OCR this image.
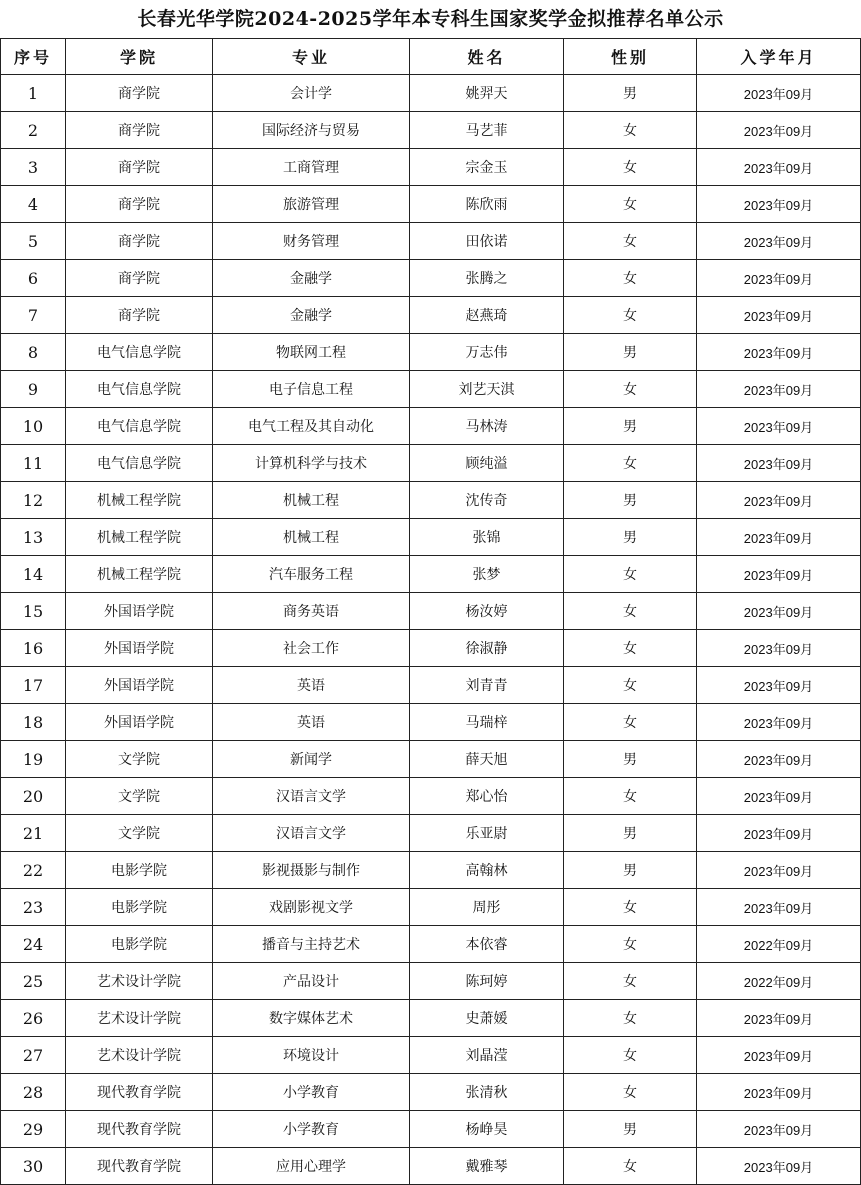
长春光华学院2024-2025学年本专科生国家奖学金拟推荐名单公示
序号	学院	专业	姓名	性别	入学年月
1	商学院	会计学	姚羿天	男	2023年09月
2	商学院	国际经济与贸易	马艺菲	女	2023年09月
3	商学院	工商管理	宗金玉	女	2023年09月
4	商学院	旅游管理	陈欣雨	女	2023年09月
5	商学院	财务管理	田依诺	女	2023年09月
6	商学院	金融学	张腾之	女	2023年09月
7	商学院	金融学	赵燕琦	女	2023年09月
8	电气信息学院	物联网工程	万志伟	男	2023年09月
9	电气信息学院	电子信息工程	刘艺天淇	女	2023年09月
10	电气信息学院	电气工程及其自动化	马林涛	男	2023年09月
11	电气信息学院	计算机科学与技术	顾纯溢	女	2023年09月
12	机械工程学院	机械工程	沈传奇	男	2023年09月
13	机械工程学院	机械工程	张锦	男	2023年09月
14	机械工程学院	汽车服务工程	张梦	女	2023年09月
15	外国语学院	商务英语	杨汝婷	女	2023年09月
16	外国语学院	社会工作	徐淑静	女	2023年09月
17	外国语学院	英语	刘青青	女	2023年09月
18	外国语学院	英语	马瑞梓	女	2023年09月
19	文学院	新闻学	薛天旭	男	2023年09月
20	文学院	汉语言文学	郑心怡	女	2023年09月
21	文学院	汉语言文学	乐亚尉	男	2023年09月
22	电影学院	影视摄影与制作	高翰林	男	2023年09月
23	电影学院	戏剧影视文学	周彤	女	2023年09月
24	电影学院	播音与主持艺术	本依睿	女	2022年09月
25	艺术设计学院	产品设计	陈珂婷	女	2022年09月
26	艺术设计学院	数字媒体艺术	史萧媛	女	2023年09月
27	艺术设计学院	环境设计	刘晶滢	女	2023年09月
28	现代教育学院	小学教育	张清秋	女	2023年09月
29	现代教育学院	小学教育	杨峥昊	男	2023年09月
30	现代教育学院	应用心理学	戴雅琴	女	2023年09月
